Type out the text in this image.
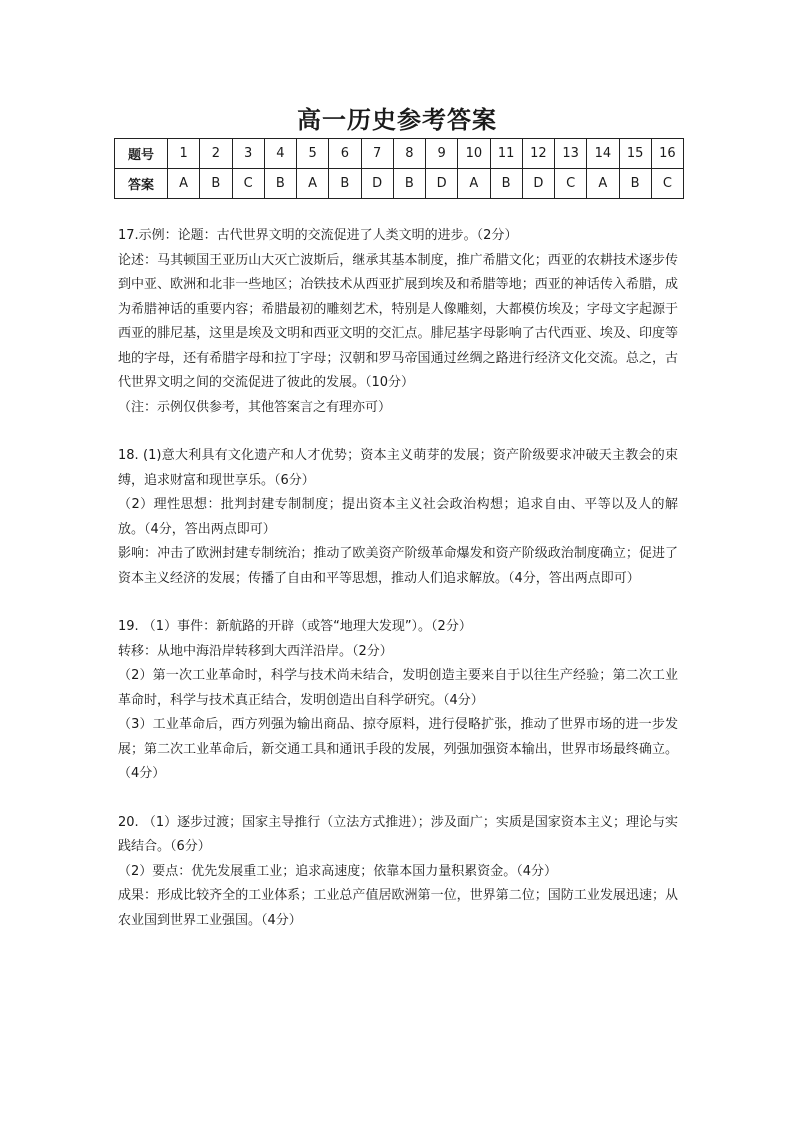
高一历史参考答案
题号	1	2	3	4	5	6	7	8	9	10	11	12	13	14	15	16
答案	A	B	C	B	A	B	D	B	D	A	B	D	C	A	B	C

17.示例：论题：古代世界文明的交流促进了人类文明的进步。（2分）

论述：马其顿国王亚历山大灭亡波斯后，继承其基本制度，推广希腊文化；西亚的农耕技术逐步传到中亚、欧洲和北非一些地区；冶铁技术从西亚扩展到埃及和希腊等地；西亚的神话传入希腊，成为希腊神话的重要内容；希腊最初的雕刻艺术，特别是人像雕刻，大都模仿埃及；字母文字起源于西亚的腓尼基，这里是埃及文明和西亚文明的交汇点。腓尼基字母影响了古代西亚、埃及、印度等地的字母，还有希腊字母和拉丁字母；汉朝和罗马帝国通过丝绸之路进行经济文化交流。总之，古代世界文明之间的交流促进了彼此的发展。（10分）

（注：示例仅供参考，其他答案言之有理亦可）

18. (1)意大利具有文化遗产和人才优势；资本主义萌芽的发展；资产阶级要求冲破天主教会的束缚，追求财富和现世享乐。（6分）

（2）理性思想：批判封建专制制度；提出资本主义社会政治构想；追求自由、平等以及人的解放。（4分，答出两点即可）

影响：冲击了欧洲封建专制统治；推动了欧美资产阶级革命爆发和资产阶级政治制度确立；促进了资本主义经济的发展；传播了自由和平等思想，推动人们追求解放。（4分，答出两点即可）

19. （1）事件：新航路的开辟（或答“地理大发现”）。（2分）

转移：从地中海沿岸转移到大西洋沿岸。（2分）

（2）第一次工业革命时，科学与技术尚未结合，发明创造主要来自于以往生产经验；第二次工业革命时，科学与技术真正结合，发明创造出自科学研究。（4分）

（3）工业革命后，西方列强为输出商品、掠夺原料，进行侵略扩张，推动了世界市场的进一步发展；第二次工业革命后，新交通工具和通讯手段的发展，列强加强资本输出，世界市场最终确立。（4分）

20. （1）逐步过渡；国家主导推行（立法方式推进）；涉及面广；实质是国家资本主义；理论与实践结合。（6分）

（2）要点：优先发展重工业；追求高速度；依靠本国力量积累资金。（4分）

成果：形成比较齐全的工业体系；工业总产值居欧洲第一位，世界第二位；国防工业发展迅速；从农业国到世界工业强国。（4分）
